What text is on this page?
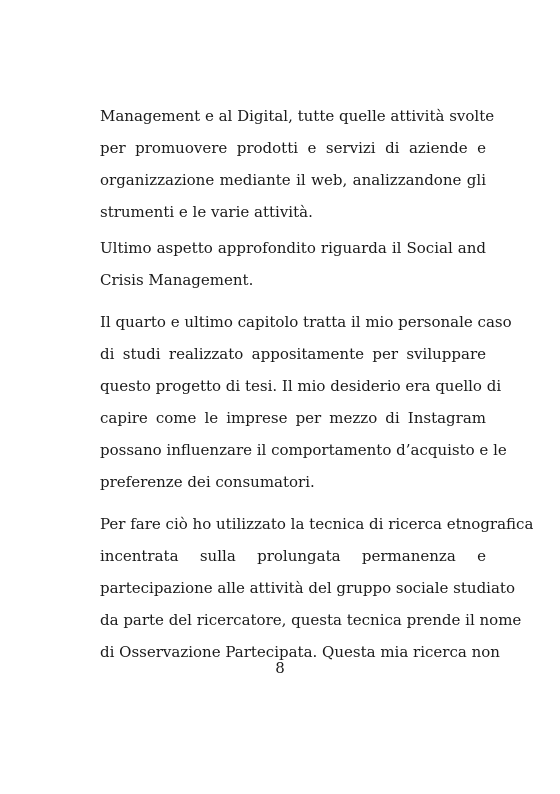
Management e al Digital, tutte quelle attività svolte
per promuovere prodotti e servizi di aziende e
organizzazione mediante il web, analizzandone gli
strumenti e le varie attività.
Ultimo aspetto approfondito riguarda il Social and
Crisis Management.
Il quarto e ultimo capitolo tratta il mio personale caso
di studi realizzato appositamente per sviluppare
questo progetto di tesi. Il mio desiderio era quello di
capire come le imprese per mezzo di Instagram
possano influenzare il comportamento d’acquisto e le
preferenze dei consumatori.
Per fare ciò ho utilizzato la tecnica di ricerca etnografica
incentrata sulla prolungata permanenza e
partecipazione alle attività del gruppo sociale studiato
da parte del ricercatore, questa tecnica prende il nome
di Osservazione Partecipata. Questa mia ricerca non
8
